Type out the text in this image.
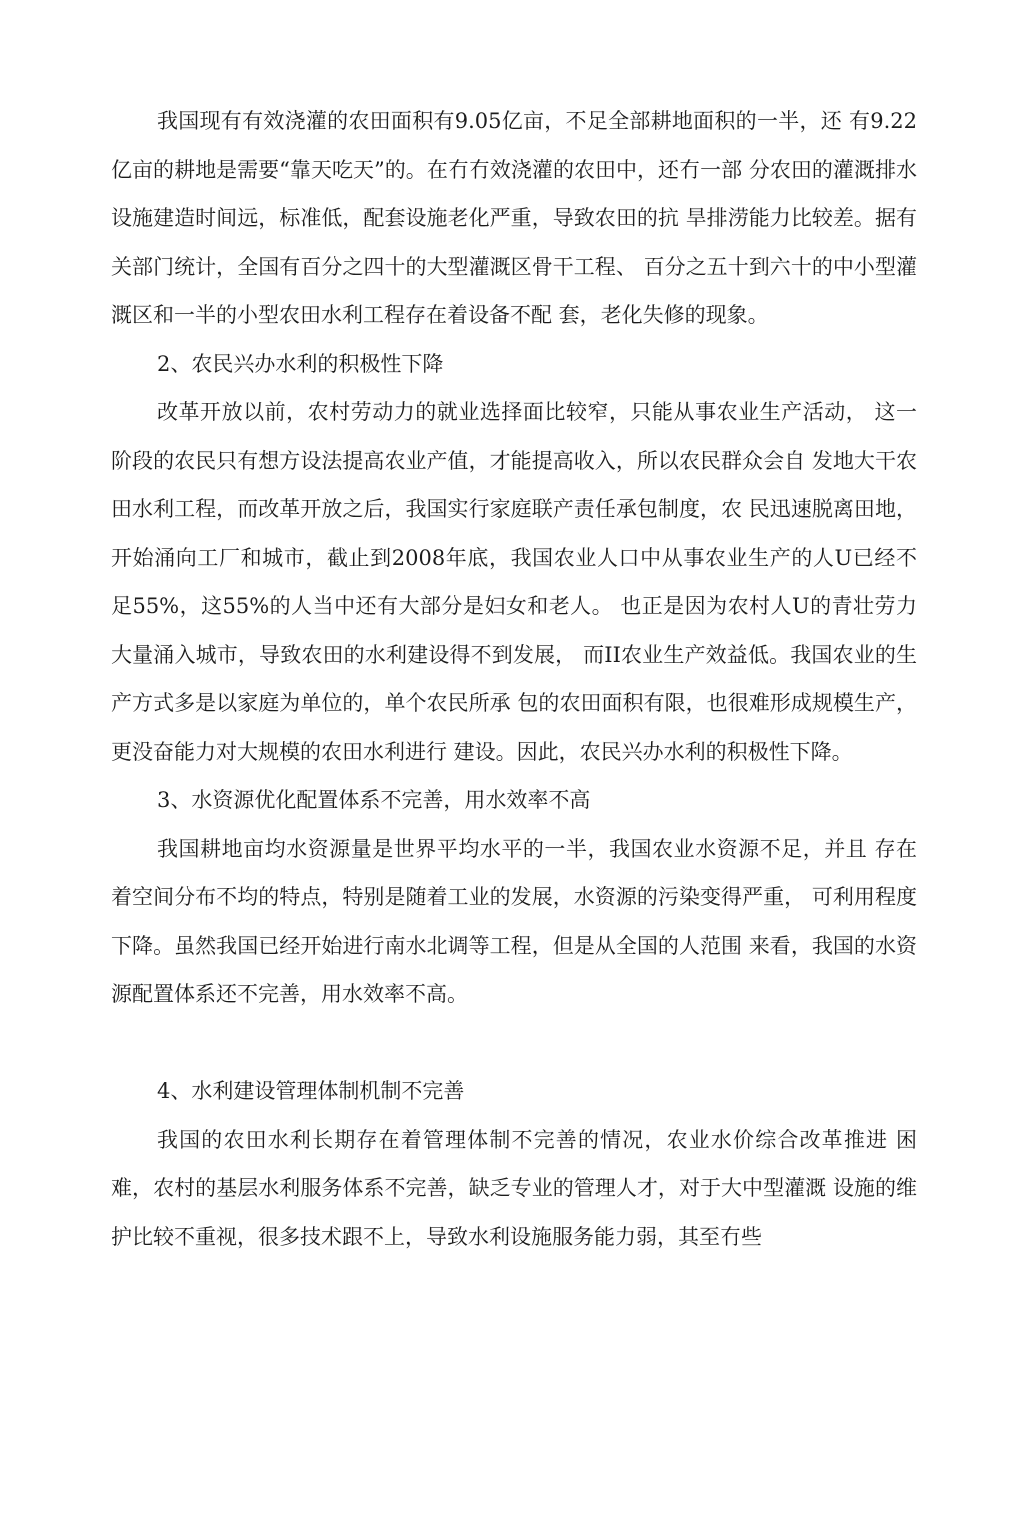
我国现有有效浇灌的农田面积有9.05亿亩，不足全部耕地面积的一半，还 有9.22亿亩的耕地是需要“靠天吃天”的。在冇冇效浇灌的农田中，还冇一部 分农田的灌溉排水设施建造时间远，标准低，配套设施老化严重，导致农田的抗 旱排涝能力比较差。据有关部门统计，全国有百分之四十的大型灌溉区骨干工程、 百分之五十到六十的中小型灌溉区和一半的小型农田水利工程存在着设备不配 套，老化失修的现象。

2、农民兴办水利的积极性下降

改革开放以前，农村劳动力的就业选择面比较窄，只能从事农业生产活动， 这一阶段的农民只有想方设法提高农业产值，才能提高收入，所以农民群众会自 发地大干农田水利工程，而改革开放之后，我国实行家庭联产责任承包制度，农 民迅速脱离田地，开始涌向工厂和城市，截止到2008年底，我国农业人口中从事农业生产的人U已经不足55%，这55%的人当中还有大部分是妇女和老人。 也正是因为农村人U的青壮劳力大量涌入城市，导致农田的水利建设得不到发展， 而II农业生产效益低。我国农业的生产方式多是以家庭为单位的，单个农民所承 包的农田面积有限，也很难形成规模生产，更没奋能力对大规模的农田水利进行 建设。因此，农民兴办水利的积极性下降。

3、水资源优化配置体系不完善，用水效率不高

我国耕地亩均水资源量是世界平均水平的一半，我国农业水资源不足，并且 存在着空间分布不均的特点，特别是随着工业的发展，水资源的污染变得严重， 可利用程度下降。虽然我国已经开始进行南水北调等工程，但是从全国的人范围 来看，我国的水资源配置体系还不完善，用水效率不高。

4、水利建设管理体制机制不完善

我国的农田水利长期存在着管理体制不完善的情况，农业水价综合改革推进 困难，农村的基层水利服务体系不完善，缺乏专业的管理人才，对于大中型灌溉 设施的维护比较不重视，很多技术跟不上，导致水利设施服务能力弱，其至冇些
